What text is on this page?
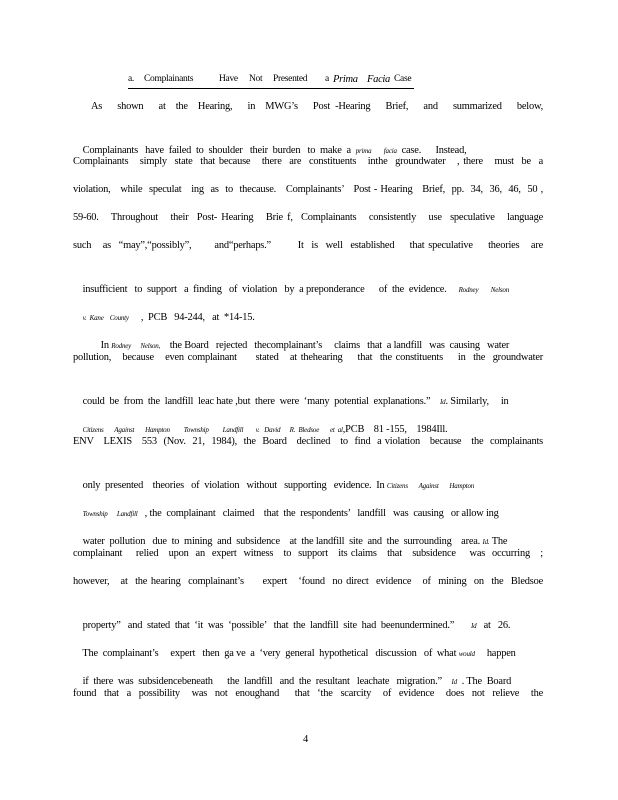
a. Complainants	Have Not Presented a Prima Facia Case
As   shown   at  the  Hearing,   in  MWG’s   Post -Hearing   Brief,   and   summarized   below,

Complainants   have  failed  to  shoulder   their  burden   to  make  a prima        facia case.      Instead,

Complainants   simply  state  that because   there  are  constituents   inthe  groundwater   , there   must  be  a
violation,   while  speculat   ing  as  to  thecause.   Complainants’   Post - Hearing   Brief,  pp.  34,  36,  46,  50 ,
59-60.   Throughout   their  Post- Hearing   Brie f,  Complainants   consistently   use  speculative   language
such   as  “may”,“possibly”,      and“perhaps.”       It  is  well  established    that speculative    theories   are

insufficient   to  support   a  finding   of  violation   by  a preponderance      of  the  evidence. Rodney        Nelson

v.  Kane    County ,  PCB   94-244,   at  *14-15.

In Rodney      Nelson, the Board   rejected   thecomplainant’s     claims   that  a landfill   was  causing   water

pollution,   because   even complainant     stated   at thehearing    that  the constituents    in  the  groundwater

could  be  from  the  landfill  leac hate ,but  there  were  ‘many  potential  explanations.” Id. Similarly,     in

Citizens       Against       Hampton         Township         Landfill        v.   David      R.  Bledsoe       et  al,PCB    81 -155,    1984Ill.

ENV   LEXIS   553  (Nov.  21,  1984),  the  Board   declined   to  find  a violation   because   the  complainants

only  presented    theories   of  violation   without   supporting   evidence. In Citizens       Against       Hampton

Township      Landfill , the  complainant   claimed    that  the  respondents’   landfill   was  causing   or allow ing

water  pollution   due  to  mining  and  subsidence    at  the landfill  site  and  the  surrounding    area. Id. The

complainant    relied   upon  an  expert  witness   to  support   its claims   that   subsidence    was  occurring   ;
however,   at  the hearing  complainant’s     expert   ‘found  no direct  evidence   of  mining  on  the  Bledsoe

property”   and  stated  that  ‘it  was  ‘possible’   that  the  landfill  site  had  beenundermined.” Id at   26.

The  complainant’s     expert   then  ga ve  a  ‘very  general  hypothetical   discussion   of  what would happen

if  there  was  subsidencebeneath      the  landfill   and  the  resultant   leachate   migration.” Id . The  Board

found  that  a  possibility   was  not  enoughand    that  ‘the  scarcity   of  evidence   does  not  relieve   the
4
